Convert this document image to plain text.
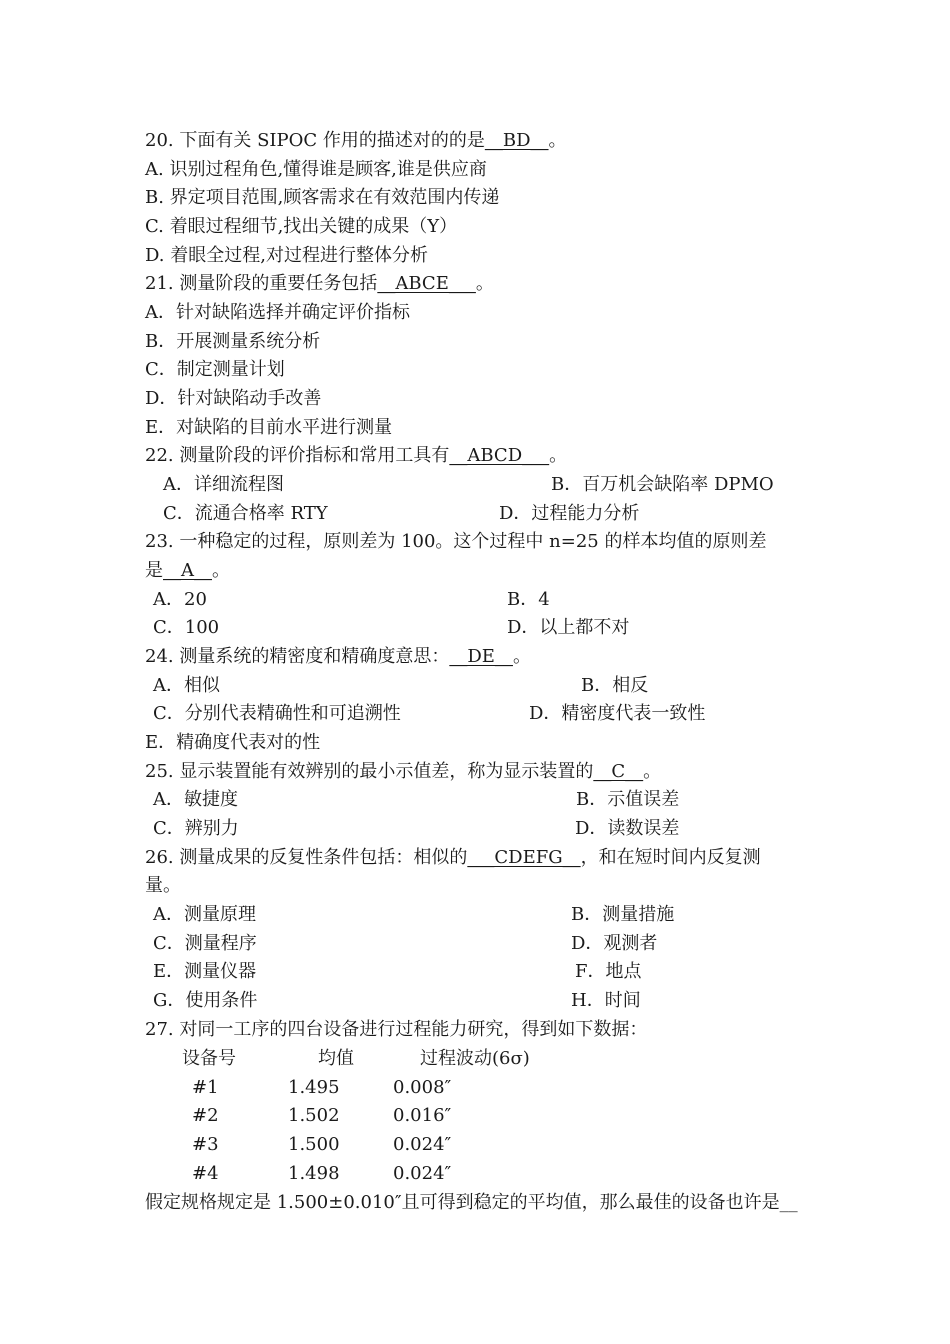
20. 下面有关 SIPOC 作用的描述对的的是__BD__。
A. 识别过程角色,懂得谁是顾客,谁是供应商
B. 界定项目范围,顾客需求在有效范围内传递
C. 着眼过程细节,找出关键的成果（Y）
D. 着眼全过程,对过程进行整体分析
21. 测量阶段的重要任务包括__ABCE___。
A．针对缺陷选择并确定评价指标
B．开展测量系统分析
C．制定测量计划
D．针对缺陷动手改善
E．对缺陷的目前水平进行测量
22. 测量阶段的评价指标和常用工具有__ABCD___。
A．详细流程图	B．百万机会缺陷率 DPMO
C．流通合格率 RTY	D．过程能力分析
23. 一种稳定的过程，原则差为 100。这个过程中 n=25 的样本均值的原则差
是__A__。
A．20	B．4
C．100	D．以上都不对
24. 测量系统的精密度和精确度意思：__DE__。
A．相似	B．相反
C．分别代表精确性和可追溯性	D．精密度代表一致性
E．精确度代表对的性
25. 显示装置能有效辨别的最小示值差，称为显示装置的__C__。
A．敏捷度	B．示值误差
C．辨别力	D．读数误差
26. 测量成果的反复性条件包括：相似的___CDEFG__，和在短时间内反复测
量。
A．测量原理	B．测量措施
C．测量程序	D．观测者
E．测量仪器	F．地点
G．使用条件	H．时间
27. 对同一工序的四台设备进行过程能力研究，得到如下数据：
设备号	均值	过程波动(6σ)
#1	1.495	0.008″
#2	1.502	0.016″
#3	1.500	0.024″
#4	1.498	0.024″
假定规格规定是 1.500±0.010″且可得到稳定的平均值，那么最佳的设备也许是__
